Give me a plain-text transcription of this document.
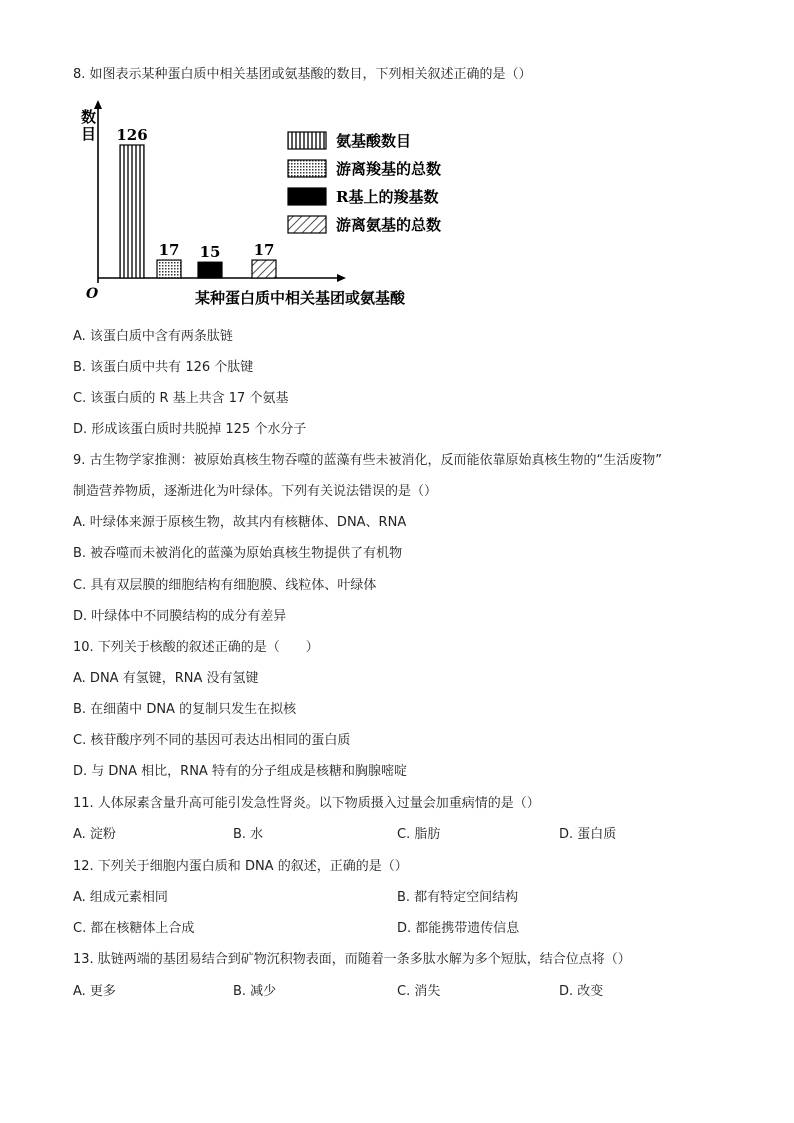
8. 如图表示某种蛋白质中相关基团或氨基酸的数目，下列相关叙述正确的是（）
数
目
O	某种蛋白质中相关基团或氨基酸
126
17 15 17
氨基酸数目
游离羧基的总数
R基上的羧基数
游离氨基的总数
A. 该蛋白质中含有两条肽链
B. 该蛋白质中共有 126 个肽键
C. 该蛋白质的 R 基上共含 17 个氨基
D. 形成该蛋白质时共脱掉 125 个水分子
9. 古生物学家推测：被原始真核生物吞噬的蓝藻有些未被消化，反而能依靠原始真核生物的“生活废物”
制造营养物质，逐渐进化为叶绿体。下列有关说法错误的是（）
A. 叶绿体来源于原核生物，故其内有核糖体、DNA、RNA
B. 被吞噬而未被消化的蓝藻为原始真核生物提供了有机物
C. 具有双层膜的细胞结构有细胞膜、线粒体、叶绿体
D. 叶绿体中不同膜结构的成分有差异
10. 下列关于核酸的叙述正确的是（　　）
A. DNA 有氢键，RNA 没有氢键
B. 在细菌中 DNA 的复制只发生在拟核
C. 核苷酸序列不同的基因可表达出相同的蛋白质
D. 与 DNA 相比，RNA 特有的分子组成是核糖和胸腺嘧啶
11. 人体尿素含量升高可能引发急性肾炎。以下物质摄入过量会加重病情的是（）
A. 淀粉	B. 水	C. 脂肪	D. 蛋白质
12. 下列关于细胞内蛋白质和 DNA 的叙述，正确的是（）
A. 组成元素相同	B. 都有特定空间结构
C. 都在核糖体上合成	D. 都能携带遗传信息
13. 肽链两端的基团易结合到矿物沉积物表面，而随着一条多肽水解为多个短肽，结合位点将（）
A. 更多	B. 减少	C. 消失	D. 改变
